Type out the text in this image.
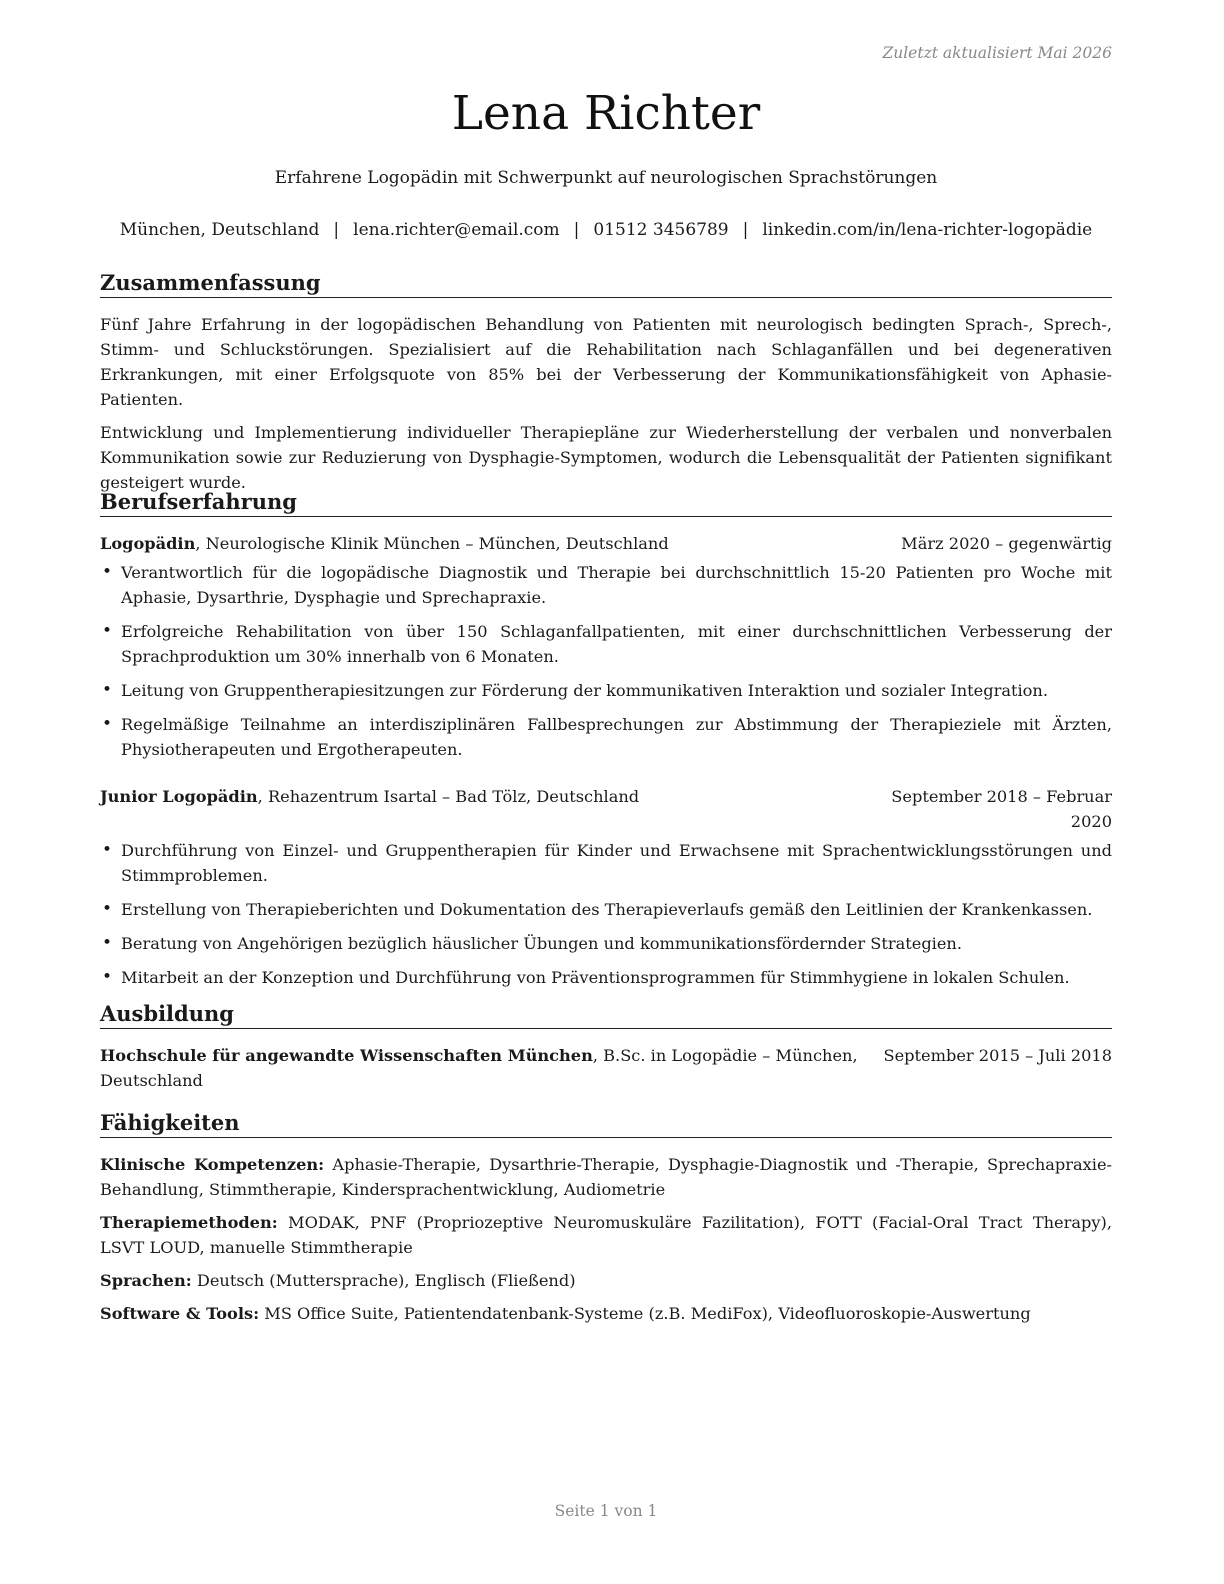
Zuletzt aktualisiert Mai 2026
Lena Richter
Erfahrene Logopädin mit Schwerpunkt auf neurologischen Sprachstörungen
München, Deutschland | lena.richter@email.com | 01512 3456789 | linkedin.com/in/lena-richter-logopädie
Zusammenfassung

Fünf Jahre Erfahrung in der logopädischen Behandlung von Patienten mit neurologisch bedingten Sprach-, Sprech-, Stimm- und Schluckstörungen. Spezialisiert auf die Rehabilitation nach Schlaganfällen und bei degenerativen Erkrankungen, mit einer Erfolgsquote von 85% bei der Verbesserung der Kommunikationsfähigkeit von Aphasie-Patienten.

Entwicklung und Implementierung individueller Therapiepläne zur Wiederherstellung der verbalen und nonverbalen Kommunikation sowie zur Reduzierung von Dysphagie-Symptomen, wodurch die Lebensqualität der Patienten signifikant gesteigert wurde.

Berufserfahrung
Logopädin, Neurologische Klinik München – München, Deutschland	März 2020 – gegenwärtig
• Verantwortlich für die logopädische Diagnostik und Therapie bei durchschnittlich 15-20 Patienten pro Woche mit Aphasie, Dysarthrie, Dysphagie und Sprechapraxie.
• Erfolgreiche Rehabilitation von über 150 Schlaganfallpatienten, mit einer durchschnittlichen Verbesserung der Sprachproduktion um 30% innerhalb von 6 Monaten.
• Leitung von Gruppentherapiesitzungen zur Förderung der kommunikativen Interaktion und sozialer Integration.
• Regelmäßige Teilnahme an interdisziplinären Fallbesprechungen zur Abstimmung der Therapieziele mit Ärzten, Physiotherapeuten und Ergotherapeuten.
Junior Logopädin, Rehazentrum Isartal – Bad Tölz, Deutschland	September 2018 – Februar 2020
• Durchführung von Einzel- und Gruppentherapien für Kinder und Erwachsene mit Sprachentwicklungsstörungen und Stimmproblemen.
• Erstellung von Therapieberichten und Dokumentation des Therapieverlaufs gemäß den Leitlinien der Krankenkassen.
• Beratung von Angehörigen bezüglich häuslicher Übungen und kommunikationsfördernder Strategien.
• Mitarbeit an der Konzeption und Durchführung von Präventionsprogrammen für Stimmhygiene in lokalen Schulen.
Ausbildung
Hochschule für angewandte Wissenschaften München, B.Sc. in Logopädie – München, Deutschland
September 2015 – Juli 2018
Fähigkeiten
Klinische Kompetenzen: Aphasie-Therapie, Dysarthrie-Therapie, Dysphagie-Diagnostik und -Therapie, Sprechapraxie-Behandlung, Stimmtherapie, Kindersprachentwicklung, Audiometrie
Therapiemethoden: MODAK, PNF (Propriozeptive Neuromuskuläre Fazilitation), FOTT (Facial-Oral Tract Therapy), LSVT LOUD, manuelle Stimmtherapie
Sprachen: Deutsch (Muttersprache), Englisch (Fließend)
Software & Tools: MS Office Suite, Patientendatenbank-Systeme (z.B. MediFox), Videofluoroskopie-Auswertung
Seite 1 von 1
